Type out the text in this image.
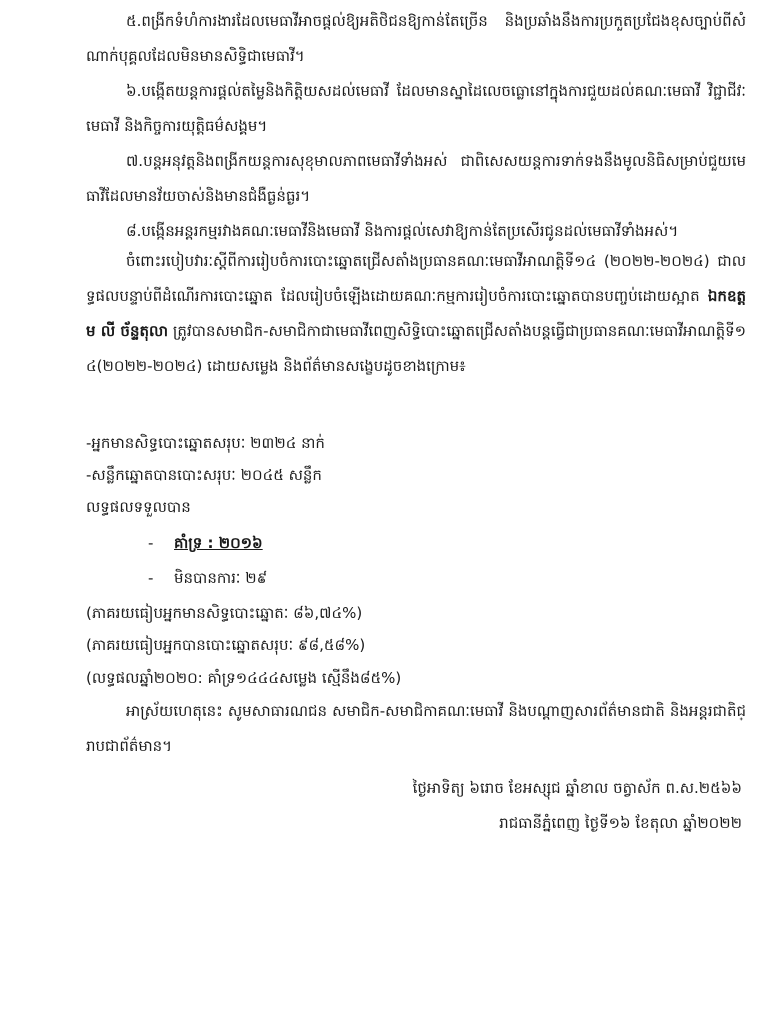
៥.ពង្រីកទំហំការងារដែលមេធាវីអាចផ្តល់ឱ្យអតិថិជនឱ្យកាន់តែច្រើន និងប្រឆាំងនឹងការប្រកួតប្រជែងខុសច្បាប់ពីសំណាក់បុគ្គលដែលមិនមានសិទ្ធិជាមេធាវី។

៦.បង្កើតយន្តការផ្តល់តម្លៃនិងកិត្តិយសដល់មេធាវី ដែលមានស្នាដៃលេចធ្លោនៅក្នុងការជួយដល់គណៈមេធាវី វិជ្ជាជីវៈមេធាវី និងកិច្ចការយុត្តិធម៌សង្គម។

៧.បន្តអនុវត្តនិងពង្រីកយន្តការសុខុមាលភាពមេធាវីទាំងអស់ ជាពិសេសយន្តការទាក់ទងនឹងមូលនិធិសម្រាប់ជួយមេធាវីដែលមានវ័យចាស់និងមានជំងឺធ្ងន់ធ្ងរ។

៨.បង្កើនអន្តរកម្មរវាងគណៈមេធាវីនិងមេធាវី និងការផ្តល់សេវាឱ្យកាន់តែប្រសើរជូនដល់មេធាវីទាំងអស់។

ចំពោះរបៀបវារៈស្តីពីការរៀបចំការបោះឆ្នោតជ្រើសតាំងប្រធានគណៈមេធាវីអាណត្តិទី១៤ (២០២២-២០២៤) ជាលទ្ធផលបន្ទាប់ពីដំណើរការបោះឆ្នោត ដែលរៀបចំឡើងដោយគណៈកម្មការរៀបចំការបោះឆ្នោតបានបញ្ចប់ដោយស្អាត ឯកឧត្តម លី ច័ន្ទតុលា ត្រូវបានសមាជិក-សមាជិកាជាមេធាវីពេញសិទ្ធិបោះឆ្នោតជ្រើសតាំងបន្តធ្វើជាប្រធានគណៈមេធាវីអាណត្តិទី១៤(២០២២-២០២៤) ដោយសម្លេង និងព័ត៌មានសង្ខេបដូចខាងក្រោម៖

-អ្នកមានសិទ្ធបោះឆ្នោតសរុបៈ ២៣២៤ នាក់

-សន្លឹកឆ្នោតបានបោះសរុបៈ ២០៤៥ សន្លឹក

លទ្ធផលទទួលបាន

- គាំទ្រ : ២០១៦

- មិនបានការៈ ២៩

(ភាគរយធៀបអ្នកមានសិទ្ធបោះឆ្នោតៈ ៨៦,៧៤%)

(ភាគរយធៀបអ្នកបានបោះឆ្នោតសរុបៈ ៩៨,៥៨%)

(លទ្ធផលឆ្នាំ២០២០: គាំទ្រ១៤៤៤សម្លេង ស្មើនឹង៨៥%)

អាស្រ័យហេតុនេះ សូមសាធារណជន សមាជិក-សមាជិកាគណៈមេធាវី និងបណ្តាញសារព័ត៌មានជាតិ និងអន្តរជាតិជ្រាបជាព័ត៌មាន។

ថ្ងៃអាទិត្យ ៦រោច ខែអស្សុជ ឆ្នាំខាល ចត្វាស័ក ព.ស.២៥៦៦

រាជធានីភ្នំពេញ ថ្ងៃទី១៦ ខែតុលា ឆ្នាំ២០២២
